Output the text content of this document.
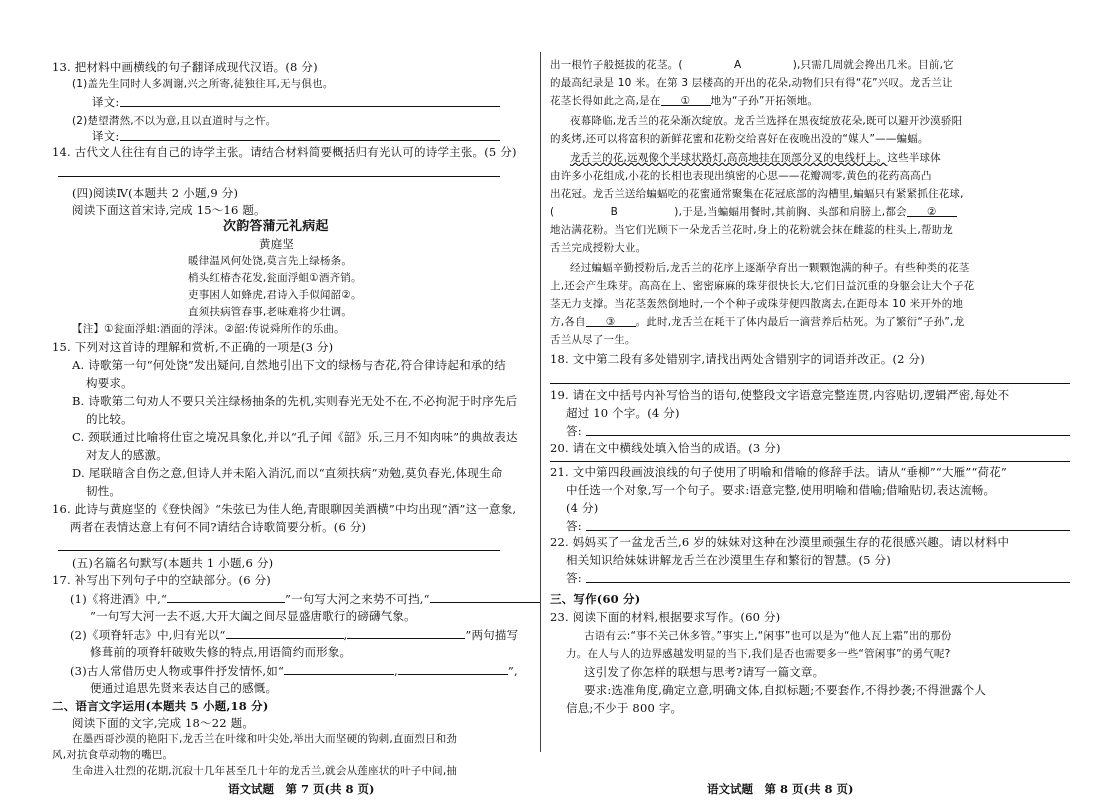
13. 把材料中画横线的句子翻译成现代汉语。(8 分)
(1)盖先生同时人多凋谢,兴之所寄,徒独往耳,无与俱也。
译文:
(2)楚望潸然,不以为意,且以直道时与之忤。
译文:
14. 古代文人往往有自己的诗学主张。请结合材料简要概括归有光认可的诗学主张。(5 分)
(四)阅读Ⅳ(本题共 2 小题,9 分)
阅读下面这首宋诗,完成 15～16 题。
次韵答蒲元礼病起
黄庭坚
暖律温风何处饶,莫言先上绿杨条。
梢头红椿杏花发,瓮面浮蛆①酒齐销。
吏事困人如蜂虎,君诗入手似闻韶②。
直须扶病管春事,老味难将少壮调。
【注】①瓮面浮蛆:酒面的浮沫。②韶:传说舜所作的乐曲。
15. 下列对这首诗的理解和赏析,不正确的一项是(3 分)
A. 诗歌第一句“何处饶”发出疑问,自然地引出下文的绿杨与杏花,符合律诗起和承的结
构要求。
B. 诗歌第二句劝人不要只关注绿杨抽条的先机,实则春光无处不在,不必拘泥于时序先后
的比较。
C. 颈联通过比喻将仕宦之境况具象化,并以“孔子闻《韶》乐,三月不知肉味”的典故表达
对友人的感激。
D. 尾联暗含自伤之意,但诗人并未陷入消沉,而以“直须扶病”劝勉,莫负春光,体现生命
韧性。
16. 此诗与黄庭坚的《登快阁》“朱弦已为佳人绝,青眼聊因美酒横”中均出现“酒”这一意象,
两者在表情达意上有何不同?请结合诗歌简要分析。(6 分)
(五)名篇名句默写(本题共 1 小题,6 分)
17. 补写出下列句子中的空缺部分。(6 分)
(1)《将进酒》中,“	”一句写大河之来势不可挡,“
”一句写大河一去不返,大开大阖之间尽显盛唐歌行的磅礴气象。
(2)《项脊轩志》中,归有光以“	,	”两句描写
修葺前的项脊轩破败失修的特点,用语简约而形象。
(3)古人常借历史人物或事件抒发情怀,如“	,	”,
便通过追思先贤来表达自己的感慨。
二、语言文字运用(本题共 5 小题,18 分)
阅读下面的文字,完成 18～22 题。
在墨西哥沙漠的艳阳下,龙舌兰在叶缘和叶尖处,举出大而坚硬的钩刺,直面烈日和劲
风,对抗食草动物的嘴巴。
生命进入壮烈的花期,沉寂十几年甚至几十年的龙舌兰,就会从莲座状的叶子中间,抽
语文试题　第 7 页(共 8 页)
出一根竹子般挺拔的花茎。(	A	),只需几周就会搀出几米。目前,它
的最高纪录是 10 米。在第 3 层楼高的开出的花朵,动物们只有得“花”兴叹。龙舌兰让
花茎长得如此之高,是在 ① 地为“子孙”开拓领地。
夜幕降临,龙舌兰的花朵渐次绽放。龙舌兰选择在黑夜绽放花朵,既可以避开沙漠骄阳
的炙烤,还可以将富积的新鲜花蜜和花粉交给喜好在夜晚出没的“媒人”——蝙蝠。
龙舌兰的花,远观像个半球状路灯,高高地挂在顶部分叉的电线杆上。这些半球体
由许多小花组成,小花的长相也表现出缜密的心思——花瓣凋零,黄色的花药高高凸
出花冠。龙舌兰送给蝙蝠吃的花蜜通常聚集在花冠底部的沟槽里,蝙蝠只有紧紧抓住花球,
(	B	),于是,当蝙蝠用餐时,其前胸、头部和肩膀上,都会 ②
地沾满花粉。当它们光顾下一朵龙舌兰花时,身上的花粉就会抹在雌蕊的柱头上,帮助龙
舌兰完成授粉大业。
经过蝙蝠辛勤授粉后,龙舌兰的花序上逐渐孕育出一颗颗饱满的种子。有些种类的花茎
上,还会产生珠芽。高高在上、密密麻麻的珠芽很快长大,它们日益沉重的身躯会让大个子花
茎无力支撑。当花茎轰然倒地时,一个个种子或珠芽便四散离去,在距母本 10 米开外的地
方,各自 ③ 。此时,龙舌兰在耗干了体内最后一滴营养后枯死。为了繁衍“子孙”,龙
舌兰从尽了一生。
18. 文中第二段有多处错别字,请找出两处含错别字的词语并改正。(2 分)
19. 请在文中括号内补写恰当的语句,使整段文字语意完整连贯,内容贴切,逻辑严密,每处不
超过 10 个字。(4 分)
答:
20. 请在文中横线处填入恰当的成语。(3 分)
21. 文中第四段画波浪线的句子使用了明喻和借喻的修辞手法。请从“垂柳”“大雁”“荷花”
中任选一个对象,写一个句子。要求:语意完整,使用明喻和借喻;借喻贴切,表达流畅。
(4 分)
答:
22. 妈妈买了一盆龙舌兰,6 岁的妹妹对这种在沙漠里顽强生存的花很感兴趣。请以材料中
相关知识给妹妹讲解龙舌兰在沙漠里生存和繁衍的智慧。(5 分)
答:
三、写作(60 分)
23. 阅读下面的材料,根据要求写作。(60 分)
古语有云:“事不关己休多管。”事实上,“闲事”也可以是为“他人瓦上霜”出的那份
力。在人与人的边界感越发明显的当下,我们是否也需要多一些“管闲事”的勇气呢?
这引发了你怎样的联想与思考?请写一篇文章。
要求:选准角度,确定立意,明确文体,自拟标题;不要套作,不得抄袭;不得泄露个人
信息;不少于 800 字。
语文试题　第 8 页(共 8 页)
